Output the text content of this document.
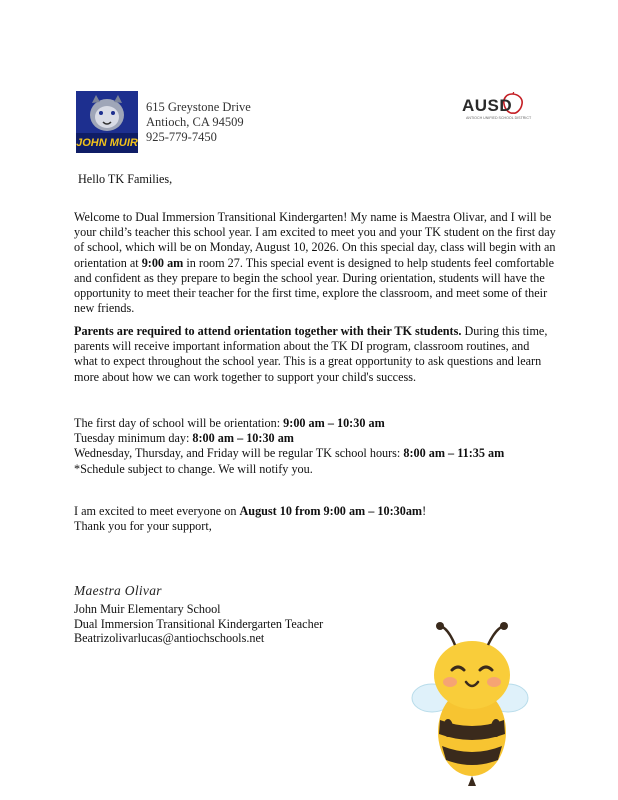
JOHN MUIR
615 Greystone Drive
Antioch, CA 94509
925-779-7450
AUSD
ANTIOCH UNIFIED SCHOOL DISTRICT
Hello TK Families,
Welcome to Dual Immersion Transitional Kindergarten! My name is Maestra Olivar, and I will be your child’s teacher this school year. I am excited to meet you and your TK student on the first day of school, which will be on Monday, August 10, 2026. On this special day, class will begin with an orientation at 9:00 am in room 27. This special event is designed to help students feel comfortable and confident as they prepare to begin the school year. During orientation, students will have the opportunity to meet their teacher for the first time, explore the classroom, and meet some of their new friends.
Parents are required to attend orientation together with their TK students. During this time, parents will receive important information about the TK DI program, classroom routines, and what to expect throughout the school year. This is a great opportunity to ask questions and learn more about how we can work together to support your child's success.
The first day of school will be orientation: 9:00 am – 10:30 am
Tuesday minimum day: 8:00 am – 10:30 am
Wednesday, Thursday, and Friday will be regular TK school hours: 8:00 am – 11:35 am
*Schedule subject to change. We will notify you.
I am excited to meet everyone on August 10 from 9:00 am – 10:30am!
Thank you for your support,
Maestra Olivar
John Muir Elementary School
Dual Immersion Transitional Kindergarten Teacher
Beatrizolivarlucas@antiochschools.net
